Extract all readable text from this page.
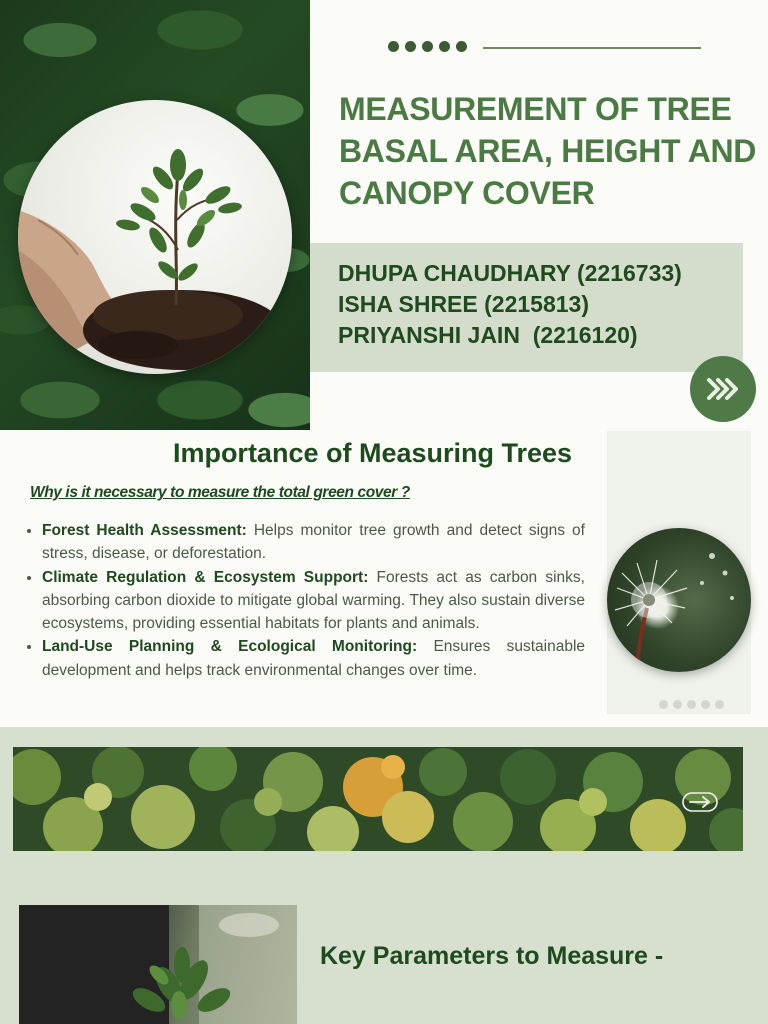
MEASUREMENT OF TREE
BASAL AREA, HEIGHT AND
CANOPY COVER
DHUPA CHAUDHARY (2216733)
ISHA SHREE (2215813)
PRIYANSHI JAIN  (2216120)
Importance of Measuring Trees

Why is it necessary to measure the total green cover ?

• Forest Health Assessment: Helps monitor tree growth and detect signs of stress, disease, or deforestation.
• Climate Regulation & Ecosystem Support: Forests act as carbon sinks, absorbing carbon dioxide to mitigate global warming. They also sustain diverse ecosystems, providing essential habitats for plants and animals.
• Land-Use Planning & Ecological Monitoring: Ensures sustainable development and helps track environmental changes over time.
Key Parameters to Measure -
